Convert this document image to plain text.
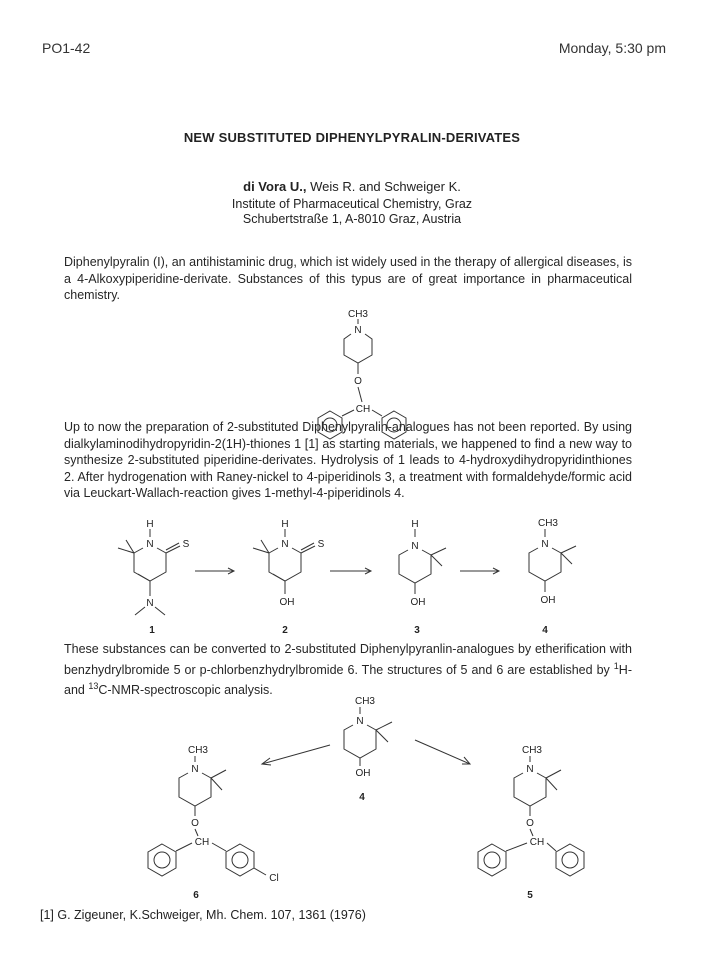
PO1-42	Monday, 5:30 pm
NEW SUBSTITUTED DIPHENYLPYRALIN-DERIVATES
di Vora U., Weis R. and Schweiger K.
Institute of Pharmaceutical Chemistry, Graz
Schubertstraße 1, A-8010 Graz, Austria
Diphenylpyralin (I), an antihistaminic drug, which ist widely used in the therapy of allergical diseases, is a 4-Alkoxypiperidine-derivate. Substances of this typus are of great importance in pharmaceutical chemistry.
Up to now the preparation of 2-substituted Diphenylpyralin-analogues has not been reported. By using dialkylaminodihydropyridin-2(1H)-thiones 1 [1] as starting materials, we happened to find a new way to synthesize 2-substituted piperidine-derivates. Hydrolysis of 1 leads to 4-hydroxydihydropyridinthiones 2. After hydrogenation with Raney-nickel to 4-piperidinols 3, a treatment with formaldehyde/formic acid via Leuckart-Wallach-reaction gives 1-methyl-4-piperidinols 4.
These substances can be converted to 2-substituted Diphenylpyranlin-analogues by etherification with benzhydrylbromide 5 or p-chlorbenzhydrylbromide 6. The structures of 5 and 6 are established by $^1$H- and $^{13}$C-NMR-spectroscopic analysis.
CH3
N
O
CH
H
N	S
N
H
N	S
OH
H
N
OH
CH3
N
OH
1	2	3	4
CH3
N
OH
4
CH3
N
O
CH
Cl
6
CH3
N
O
CH
5
[1] G. Zigeuner, K.Schweiger, Mh. Chem. 107, 1361 (1976)
